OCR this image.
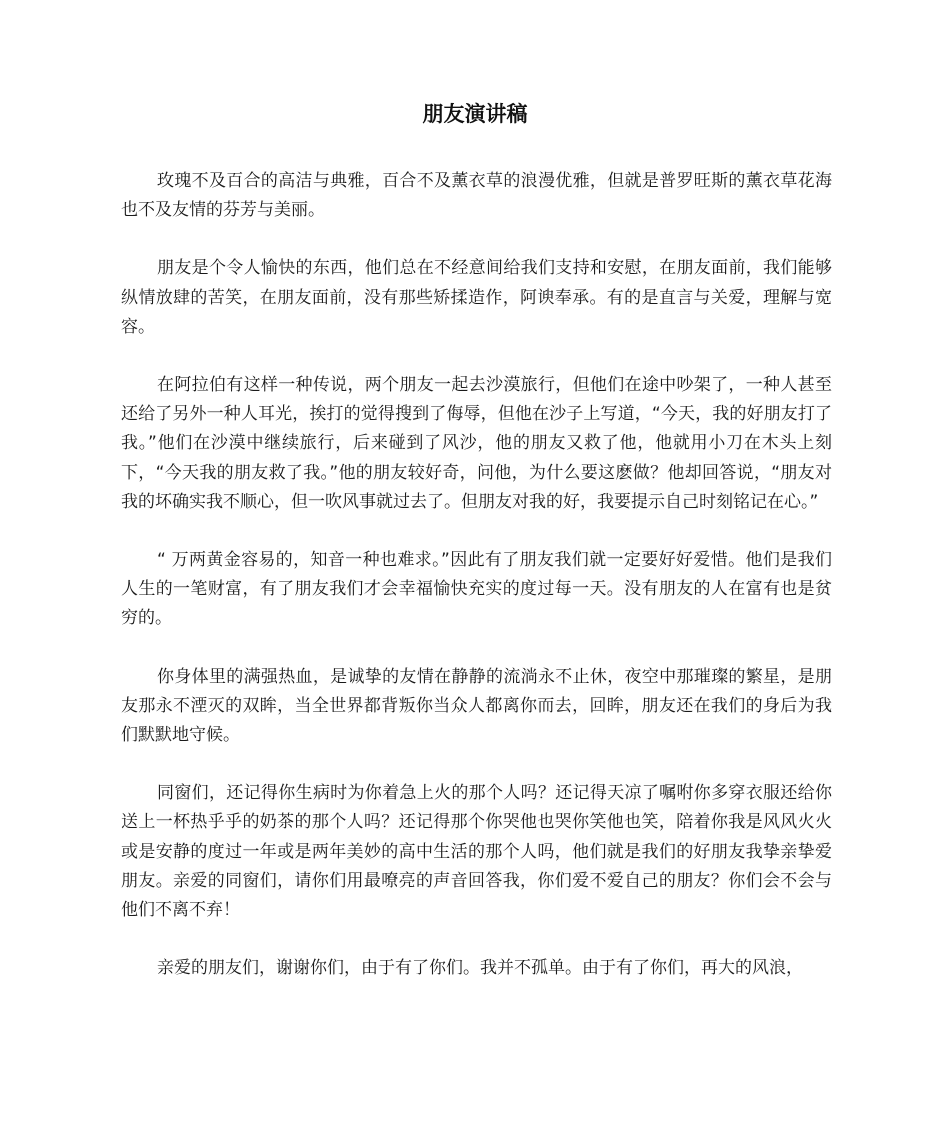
朋友演讲稿

玫瑰不及百合的高洁与典雅，百合不及薰衣草的浪漫优雅，但就是普罗旺斯的薰衣草花海也不及友情的芬芳与美丽。

朋友是个令人愉快的东西，他们总在不经意间给我们支持和安慰，在朋友面前，我们能够纵情放肆的苦笑，在朋友面前，没有那些矫揉造作，阿谀奉承。有的是直言与关爱，理解与宽容。

在阿拉伯有这样一种传说，两个朋友一起去沙漠旅行，但他们在途中吵架了，一种人甚至还给了另外一种人耳光，挨打的觉得搜到了侮辱，但他在沙子上写道，“今天，我的好朋友打了我。”他们在沙漠中继续旅行，后来碰到了风沙，他的朋友又救了他，他就用小刀在木头上刻下，“今天我的朋友救了我。”他的朋友较好奇，问他，为什么要这麽做？他却回答说，“朋友对我的坏确实我不顺心，但一吹风事就过去了。但朋友对我的好，我要提示自己时刻铭记在心。”

“ 万两黄金容易的，知音一种也难求。”因此有了朋友我们就一定要好好爱惜。他们是我们人生的一笔财富，有了朋友我们才会幸福愉快充实的度过每一天。没有朋友的人在富有也是贫穷的。

你身体里的满强热血，是诚挚的友情在静静的流淌永不止休，夜空中那璀璨的繁星，是朋友那永不湮灭的双眸，当全世界都背叛你当众人都离你而去，回眸，朋友还在我们的身后为我们默默地守候。

同窗们，还记得你生病时为你着急上火的那个人吗？还记得天凉了嘱咐你多穿衣服还给你送上一杯热乎乎的奶茶的那个人吗？还记得那个你哭他也哭你笑他也笑，陪着你我是风风火火或是安静的度过一年或是两年美妙的高中生活的那个人吗，他们就是我们的好朋友我挚亲挚爱朋友。亲爱的同窗们，请你们用最嘹亮的声音回答我，你们爱不爱自己的朋友？你们会不会与他们不离不弃！

亲爱的朋友们，谢谢你们，由于有了你们。我并不孤单。由于有了你们，再大的风浪，
